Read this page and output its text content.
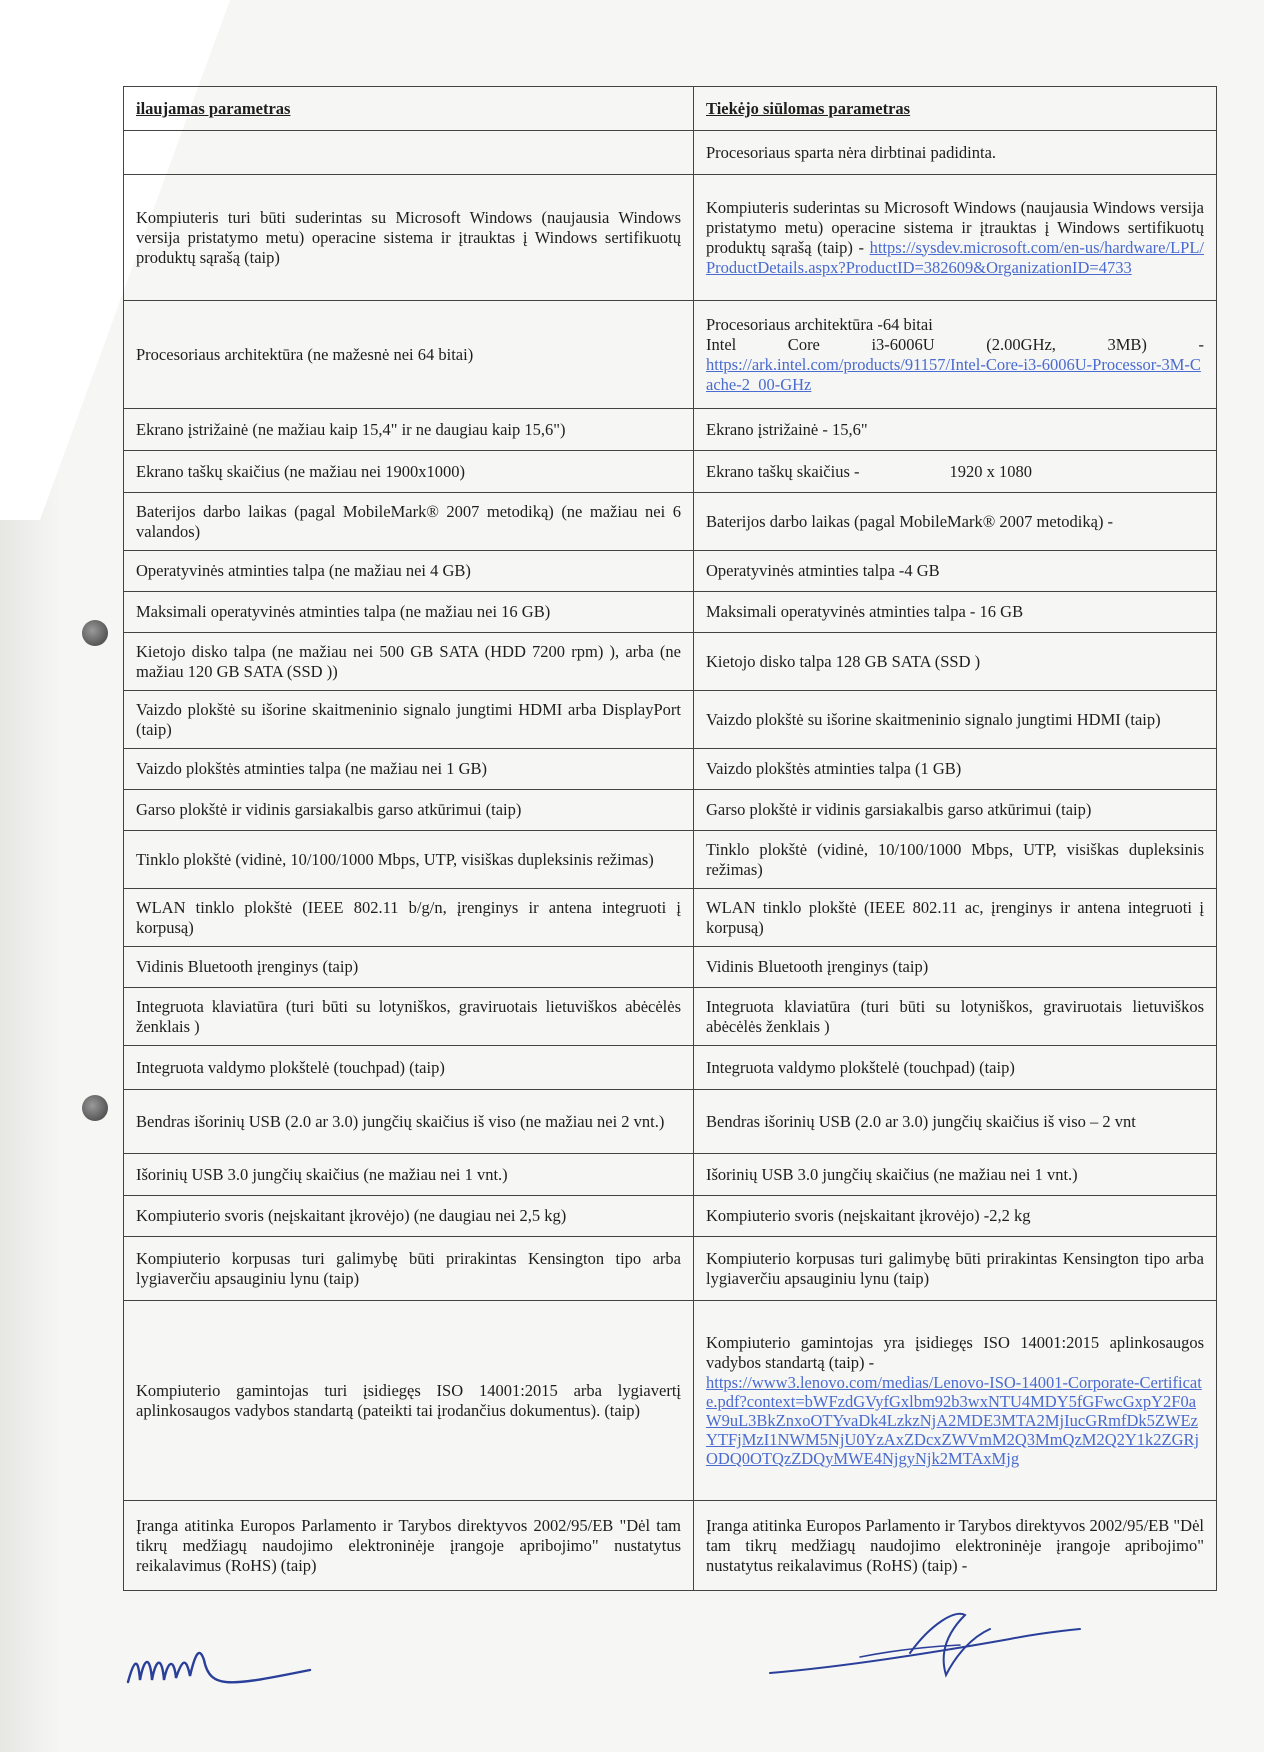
ilaujamas parametras	Tiekėjo siūlomas parametras
	Procesoriaus sparta nėra dirbtinai padidinta.
Kompiuteris turi būti suderintas su Microsoft Windows (naujausia Windows versija pristatymo metu) operacine sistema ir įtrauktas į Windows sertifikuotų produktų sąrašą (taip)	Kompiuteris suderintas su Microsoft Windows (naujausia Windows versija pristatymo metu) operacine sistema ir įtrauktas į Windows sertifikuotų produktų sąrašą (taip) - https://sysdev.microsoft.com/en-us/hardware/LPL/ProductDetails.aspx?ProductID=382609&OrganizationID=4733
Procesoriaus architektūra (ne mažesnė nei 64 bitai)	Procesoriaus architektūra -64 bitai
Intel Core i3-6006U (2.00GHz, 3MB) -
https://ark.intel.com/products/91157/Intel-Core-i3-6006U-Processor-3M-Cache-2_00-GHz

Ekrano įstrižainė (ne mažiau kaip 15,4" ir ne daugiau kaip 15,6")	Ekrano įstrižainė - 15,6"
Ekrano taškų skaičius (ne mažiau nei 1900x1000)	Ekrano taškų skaičius - 1920 x 1080
Baterijos darbo laikas (pagal MobileMark® 2007 metodiką) (ne mažiau nei 6 valandos)	Baterijos darbo laikas (pagal MobileMark® 2007 metodiką) -
Operatyvinės atminties talpa (ne mažiau nei 4 GB)	Operatyvinės atminties talpa -4 GB
Maksimali operatyvinės atminties talpa (ne mažiau nei 16 GB)	Maksimali operatyvinės atminties talpa - 16 GB
Kietojo disko talpa (ne mažiau nei 500 GB SATA (HDD 7200 rpm) ), arba (ne mažiau 120 GB SATA (SSD ))	Kietojo disko talpa 128 GB SATA (SSD )
Vaizdo plokštė su išorine skaitmeninio signalo jungtimi HDMI arba DisplayPort (taip)	Vaizdo plokštė su išorine skaitmeninio signalo jungtimi HDMI (taip)
Vaizdo plokštės atminties talpa (ne mažiau nei 1 GB)	Vaizdo plokštės atminties talpa (1 GB)
Garso plokštė ir vidinis garsiakalbis garso atkūrimui (taip)	Garso plokštė ir vidinis garsiakalbis garso atkūrimui (taip)
Tinklo plokštė (vidinė, 10/100/1000 Mbps, UTP, visiškas dupleksinis režimas)	Tinklo plokštė (vidinė, 10/100/1000 Mbps, UTP, visiškas dupleksinis režimas)
WLAN tinklo plokštė (IEEE 802.11 b/g/n, įrenginys ir antena integruoti į korpusą)	WLAN tinklo plokštė (IEEE 802.11 ac, įrenginys ir antena integruoti į korpusą)
Vidinis Bluetooth įrenginys (taip)	Vidinis Bluetooth įrenginys (taip)
Integruota klaviatūra (turi būti su lotyniškos, graviruotais lietuviškos abėcėlės ženklais )	Integruota klaviatūra (turi būti su lotyniškos, graviruotais lietuviškos abėcėlės ženklais )
Integruota valdymo plokštelė (touchpad) (taip)	Integruota valdymo plokštelė (touchpad) (taip)
Bendras išorinių USB (2.0 ar 3.0) jungčių skaičius iš viso (ne mažiau nei 2 vnt.)	Bendras išorinių USB (2.0 ar 3.0) jungčių skaičius iš viso – 2 vnt
Išorinių USB 3.0 jungčių skaičius (ne mažiau nei 1 vnt.)	Išorinių USB 3.0 jungčių skaičius (ne mažiau nei 1 vnt.)
Kompiuterio svoris (neįskaitant įkrovėjo) (ne daugiau nei 2,5 kg)	Kompiuterio svoris (neįskaitant įkrovėjo) -2,2 kg
Kompiuterio korpusas turi galimybę būti prirakintas Kensington tipo arba lygiaverčiu apsauginiu lynu (taip)	Kompiuterio korpusas turi galimybę būti prirakintas Kensington tipo arba lygiaverčiu apsauginiu lynu (taip)
Kompiuterio gamintojas turi įsidiegęs ISO 14001:2015 arba lygiavertį aplinkosaugos vadybos standartą (pateikti tai įrodančius dokumentus). (taip)	Kompiuterio gamintojas yra įsidiegęs ISO 14001:2015 aplinkosaugos vadybos standartą (taip) -
https://www3.lenovo.com/medias/Lenovo-ISO-14001-Corporate-Certificate.pdf?context=bWFzdGVyfGxlbm92b3wxNTU4MDY5fGFwcGxpY2F0aW9uL3BkZnxoOTYvaDk4LzkzNjA2MDE3MTA2MjIucGRmfDk5ZWEzYTFjMzI1NWM5NjU0YzAxZDcxZWVmM2Q3MmQzM2Q2Y1k2ZGRjODQ0OTQzZDQyMWE4NjgyNjk2MTAxMjg

Įranga atitinka Europos Parlamento ir Tarybos direktyvos 2002/95/EB "Dėl tam tikrų medžiagų naudojimo elektroninėje įrangoje apribojimo" nustatytus reikalavimus (RoHS) (taip)	Įranga atitinka Europos Parlamento ir Tarybos direktyvos 2002/95/EB "Dėl tam tikrų medžiagų naudojimo elektroninėje įrangoje apribojimo" nustatytus reikalavimus (RoHS) (taip) -
